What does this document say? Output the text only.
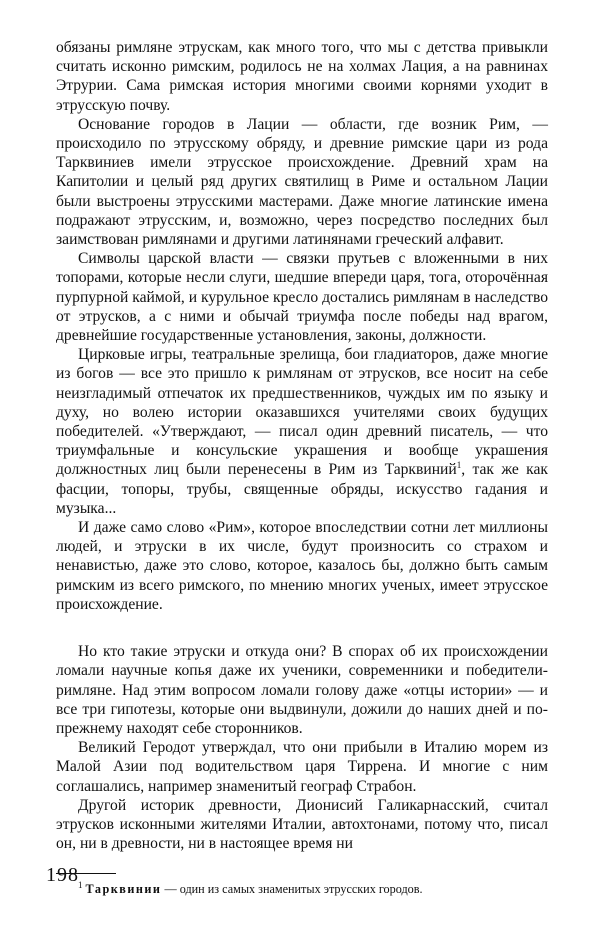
обязаны римляне этрускам, как много того, что мы с детства привыкли считать исконно римским, родилось не на холмах Лация, а на равнинах Этрурии. Сама римская история многими своими корнями уходит в этрусскую почву.

Основание городов в Лации — области, где возник Рим, — происходило по этрусскому обряду, и древние римские цари из рода Тарквиниев имели этрусское происхождение. Древний храм на Капитолии и целый ряд других святилищ в Риме и остальном Лации были выстроены этрусскими мастерами. Даже многие латинские имена подражают этрусским, и, возможно, через посредство последних был заимствован римлянами и другими латинянами греческий алфавит.

Символы царской власти — связки прутьев с вложенными в них топорами, которые несли слуги, шедшие впереди царя, тога, оторочённая пурпурной каймой, и курульное кресло достались римлянам в наследство от этрусков, а с ними и обычай триумфа после победы над врагом, древнейшие государственные установления, законы, должности.

Цирковые игры, театральные зрелища, бои гладиаторов, даже многие из богов — все это пришло к римлянам от этрусков, все носит на себе неизгладимый отпечаток их предшественников, чуждых им по языку и духу, но волею истории оказавшихся учителями своих будущих победителей. «Утверждают, — писал один древний писатель, — что триумфальные и консульские украшения и вообще украшения должностных лиц были перенесены в Рим из Тарквиний$^1$, так же как фасции, топоры, трубы, священные обряды, искусство гадания и музыка...

И даже само слово «Рим», которое впоследствии сотни лет миллионы людей, и этруски в их числе, будут произносить со страхом и ненавистью, даже это слово, которое, казалось бы, должно быть самым римским из всего римского, по мнению многих ученых, имеет этрусское происхождение.

Но кто такие этруски и откуда они? В спорах об их происхождении ломали научные копья даже их ученики, современники и победители-римляне. Над этим вопросом ломали голову даже «отцы истории» — и все три гипотезы, которые они выдвинули, дожили до наших дней и по-прежнему находят себе сторонников.

Великий Геродот утверждал, что они прибыли в Италию морем из Малой Азии под водительством царя Тиррена. И многие с ним соглашались, например знаменитый географ Страбон.

Другой историк древности, Дионисий Галикарнасский, считал этрусков исконными жителями Италии, автохтонами, потому что, писал он, ни в древности, ни в настоящее время ни

$^1$ Тарквинии — один из самых знаменитых этрусских городов.

198
